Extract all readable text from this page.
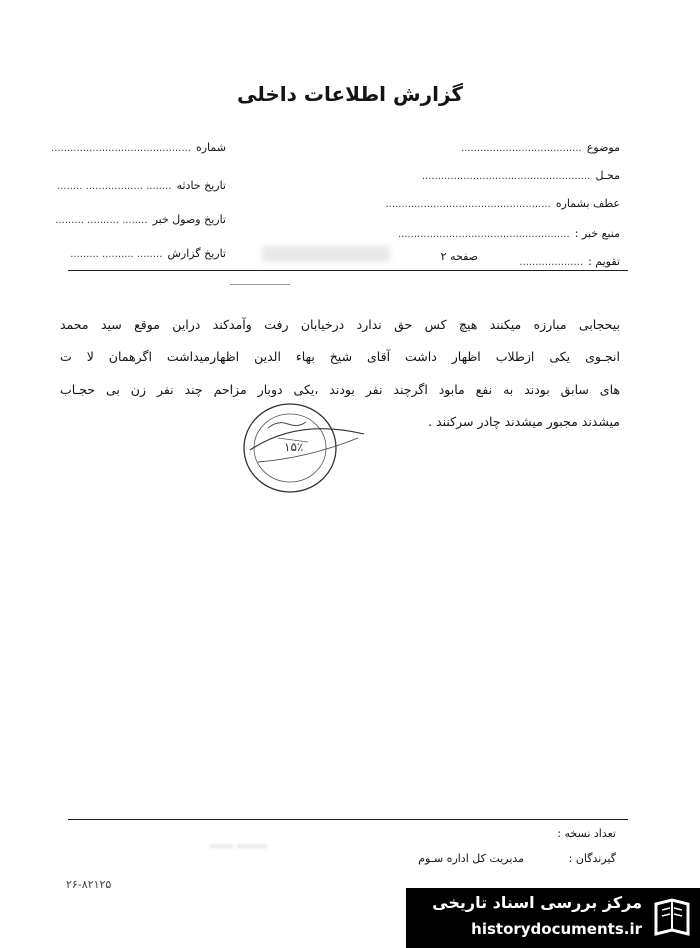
گزارش اطلاعات داخلی
موضوع ......................................
محـل .....................................................
عطف بشماره ....................................................
منبع خبر : ......................................................
تقویم : ....................
شماره ............................................
تاریخ حادثه ........ .................. ........
تاریخ وصول خبر ........ .......... .........
تاریخ گزارش ........ .......... .........	صفحه ۲
بیحجابی مبارزه میکنند هیچ کس حق ندارد درخیابان رفت وآمدکند دراین موقع سید محمد
انجـوی یکی ازطلاب اظهار داشت آقای شیخ بهاء الدین اظهارمیداشت اگرهمان لا ت
های سابق بودند به نفع مابود اگرچند نفر بودند ،یکی دوبار مزاحم چند نفر زن بی حجـاب
میشدند مجبور میشدند چادر سرکنند .
۱۵٪
تعداد نسخه :
گیرندگان :
مدیریت کل اداره سـوم
...... ........
۲۶-۸۲۱۲۵
مرکز بررسی اسناد تاریخی
historydocuments.ir
